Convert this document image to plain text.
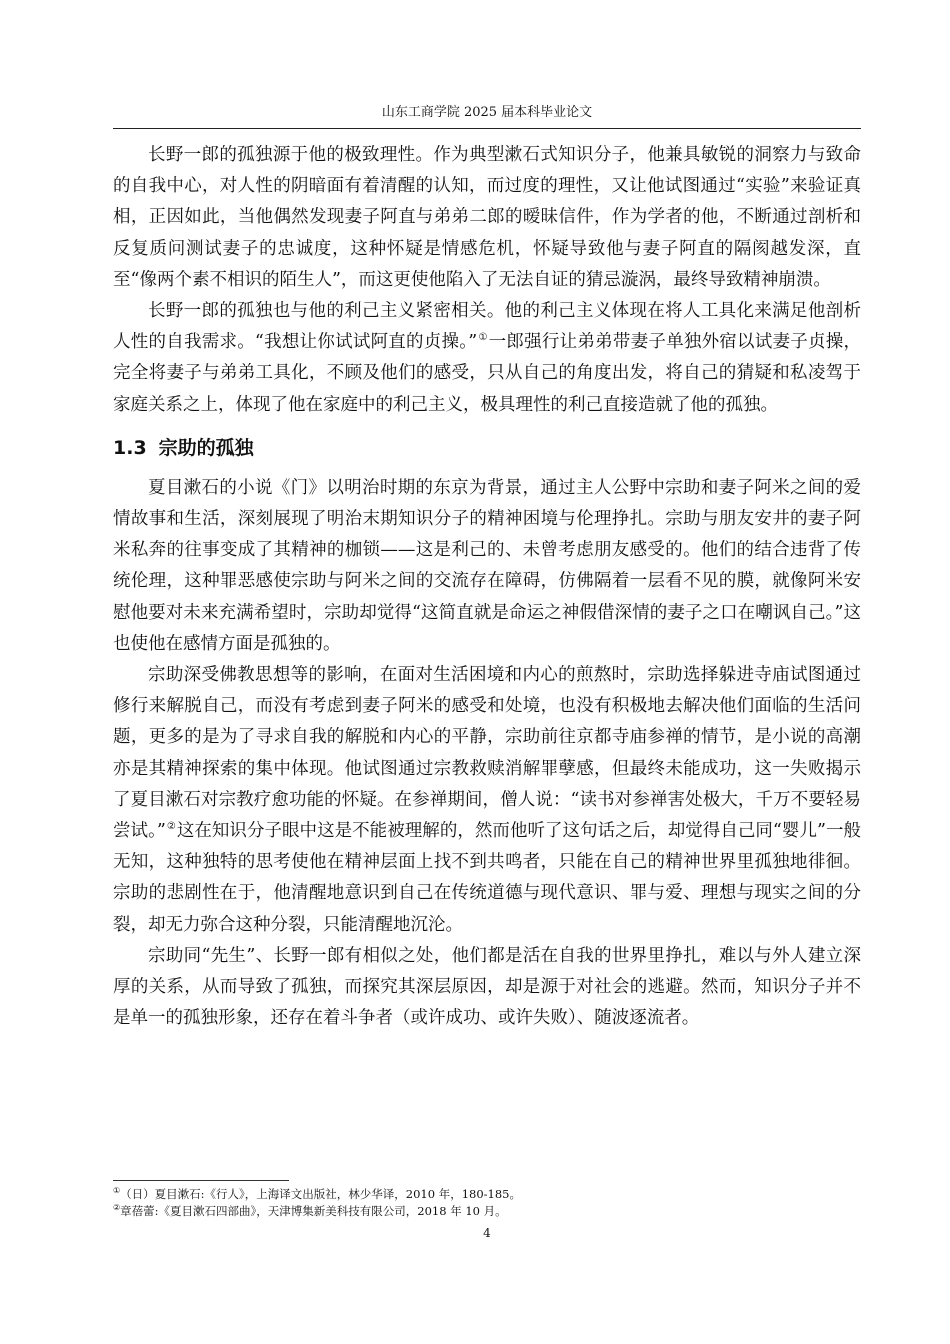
山东工商学院 2025 届本科毕业论文

长野一郎的孤独源于他的极致理性。作为典型漱石式知识分子，他兼具敏锐的洞察力与致命的自我中心，对人性的阴暗面有着清醒的认知，而过度的理性，又让他试图通过“实验”来验证真相，正因如此，当他偶然发现妻子阿直与弟弟二郎的暧昧信件，作为学者的他，不断通过剖析和反复质问测试妻子的忠诚度，这种怀疑是情感危机，怀疑导致他与妻子阿直的隔阂越发深，直至“像两个素不相识的陌生人”，而这更使他陷入了无法自证的猜忌漩涡，最终导致精神崩溃。

长野一郎的孤独也与他的利己主义紧密相关。他的利己主义体现在将人工具化来满足他剖析人性的自我需求。“我想让你试试阿直的贞操。”①一郎强行让弟弟带妻子单独外宿以试妻子贞操，完全将妻子与弟弟工具化，不顾及他们的感受，只从自己的角度出发，将自己的猜疑和私凌驾于家庭关系之上，体现了他在家庭中的利己主义，极具理性的利己直接造就了他的孤独。

1.3 宗助的孤独

夏目漱石的小说《门》以明治时期的东京为背景，通过主人公野中宗助和妻子阿米之间的爱情故事和生活，深刻展现了明治末期知识分子的精神困境与伦理挣扎。宗助与朋友安井的妻子阿米私奔的往事变成了其精神的枷锁——这是利己的、未曾考虑朋友感受的。他们的结合违背了传统伦理，这种罪恶感使宗助与阿米之间的交流存在障碍，仿佛隔着一层看不见的膜，就像阿米安慰他要对未来充满希望时，宗助却觉得“这简直就是命运之神假借深情的妻子之口在嘲讽自己。”这也使他在感情方面是孤独的。

宗助深受佛教思想等的影响，在面对生活困境和内心的煎熬时，宗助选择躲进寺庙试图通过修行来解脱自己，而没有考虑到妻子阿米的感受和处境，也没有积极地去解决他们面临的生活问题，更多的是为了寻求自我的解脱和内心的平静，宗助前往京都寺庙参禅的情节，是小说的高潮亦是其精神探索的集中体现。他试图通过宗教救赎消解罪孽感，但最终未能成功，这一失败揭示了夏目漱石对宗教疗愈功能的怀疑。在参禅期间，僧人说：“读书对参禅害处极大，千万不要轻易尝试。”②这在知识分子眼中这是不能被理解的，然而他听了这句话之后，却觉得自己同“婴儿”一般无知，这种独特的思考使他在精神层面上找不到共鸣者，只能在自己的精神世界里孤独地徘徊。宗助的悲剧性在于，他清醒地意识到自己在传统道德与现代意识、罪与爱、理想与现实之间的分裂，却无力弥合这种分裂，只能清醒地沉沦。

宗助同“先生”、长野一郎有相似之处，他们都是活在自我的世界里挣扎，难以与外人建立深厚的关系，从而导致了孤独，而探究其深层原因，却是源于对社会的逃避。然而，知识分子并不是单一的孤独形象，还存在着斗争者（或许成功、或许失败）、随波逐流者。

①（日）夏目漱石:《行人》，上海译文出版社，林少华译，2010 年，180-185。

②章蓓蕾:《夏目漱石四部曲》，天津博集新美科技有限公司，2018 年 10 月。

4
